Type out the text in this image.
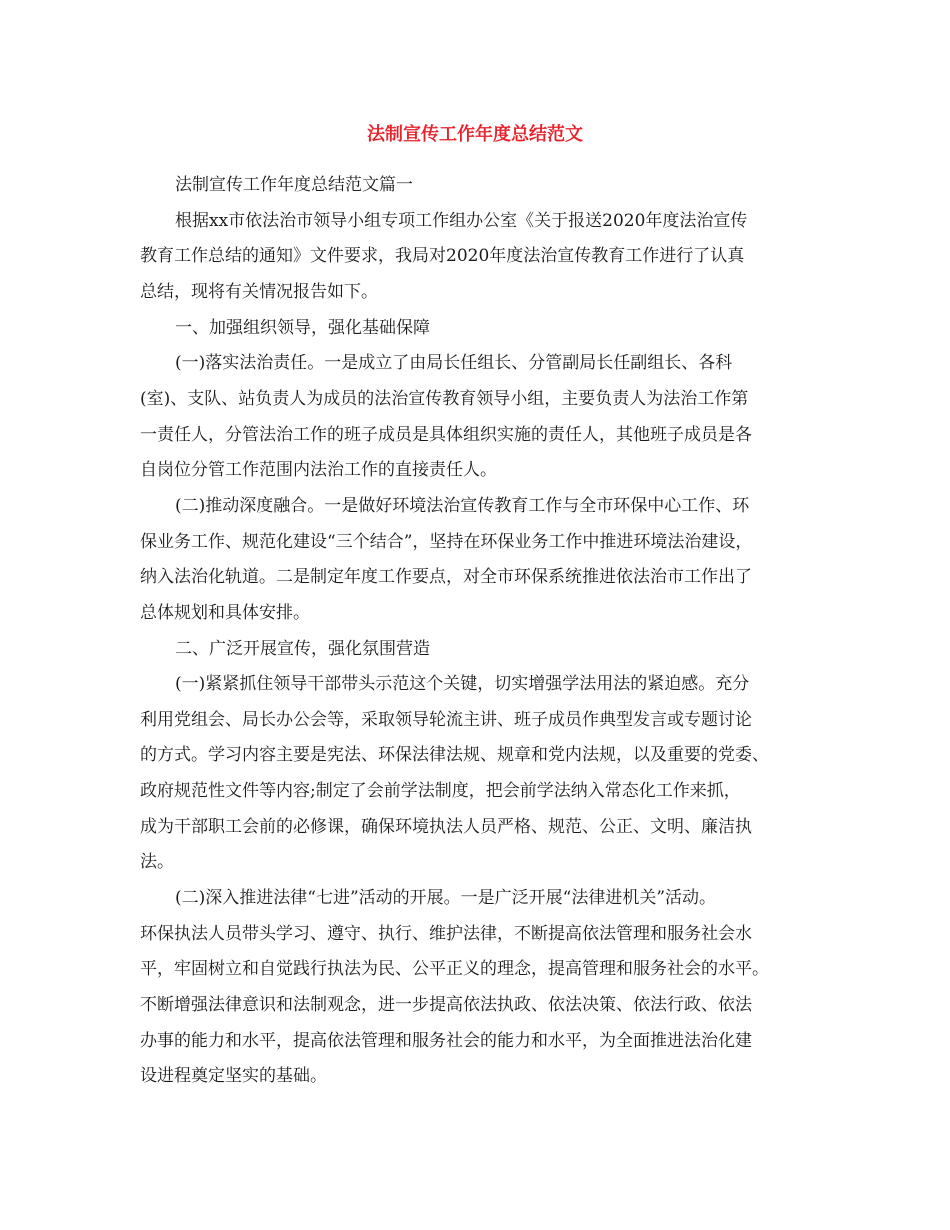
法制宣传工作年度总结范文
法制宣传工作年度总结范文篇一
根据xx市依法治市领导小组专项工作组办公室《关于报送2020年度法治宣传
教育工作总结的通知》文件要求，我局对2020年度法治宣传教育工作进行了认真
总结，现将有关情况报告如下。
一、加强组织领导，强化基础保障
(一)落实法治责任。一是成立了由局长任组长、分管副局长任副组长、各科
(室)、支队、站负责人为成员的法治宣传教育领导小组，主要负责人为法治工作第
一责任人，分管法治工作的班子成员是具体组织实施的责任人，其他班子成员是各
自岗位分管工作范围内法治工作的直接责任人。
(二)推动深度融合。一是做好环境法治宣传教育工作与全市环保中心工作、环
保业务工作、规范化建设“三个结合”，坚持在环保业务工作中推进环境法治建设，
纳入法治化轨道。二是制定年度工作要点，对全市环保系统推进依法治市工作出了
总体规划和具体安排。
二、广泛开展宣传，强化氛围营造
(一)紧紧抓住领导干部带头示范这个关键，切实增强学法用法的紧迫感。充分
利用党组会、局长办公会等，采取领导轮流主讲、班子成员作典型发言或专题讨论
的方式。学习内容主要是宪法、环保法律法规、规章和党内法规，以及重要的党委、
政府规范性文件等内容;制定了会前学法制度，把会前学法纳入常态化工作来抓，
成为干部职工会前的必修课，确保环境执法人员严格、规范、公正、文明、廉洁执
法。
(二)深入推进法律“七进”活动的开展。一是广泛开展“法律进机关”活动。
环保执法人员带头学习、遵守、执行、维护法律，不断提高依法管理和服务社会水
平，牢固树立和自觉践行执法为民、公平正义的理念，提高管理和服务社会的水平。
不断增强法律意识和法制观念，进一步提高依法执政、依法决策、依法行政、依法
办事的能力和水平，提高依法管理和服务社会的能力和水平，为全面推进法治化建
设进程奠定坚实的基础。
